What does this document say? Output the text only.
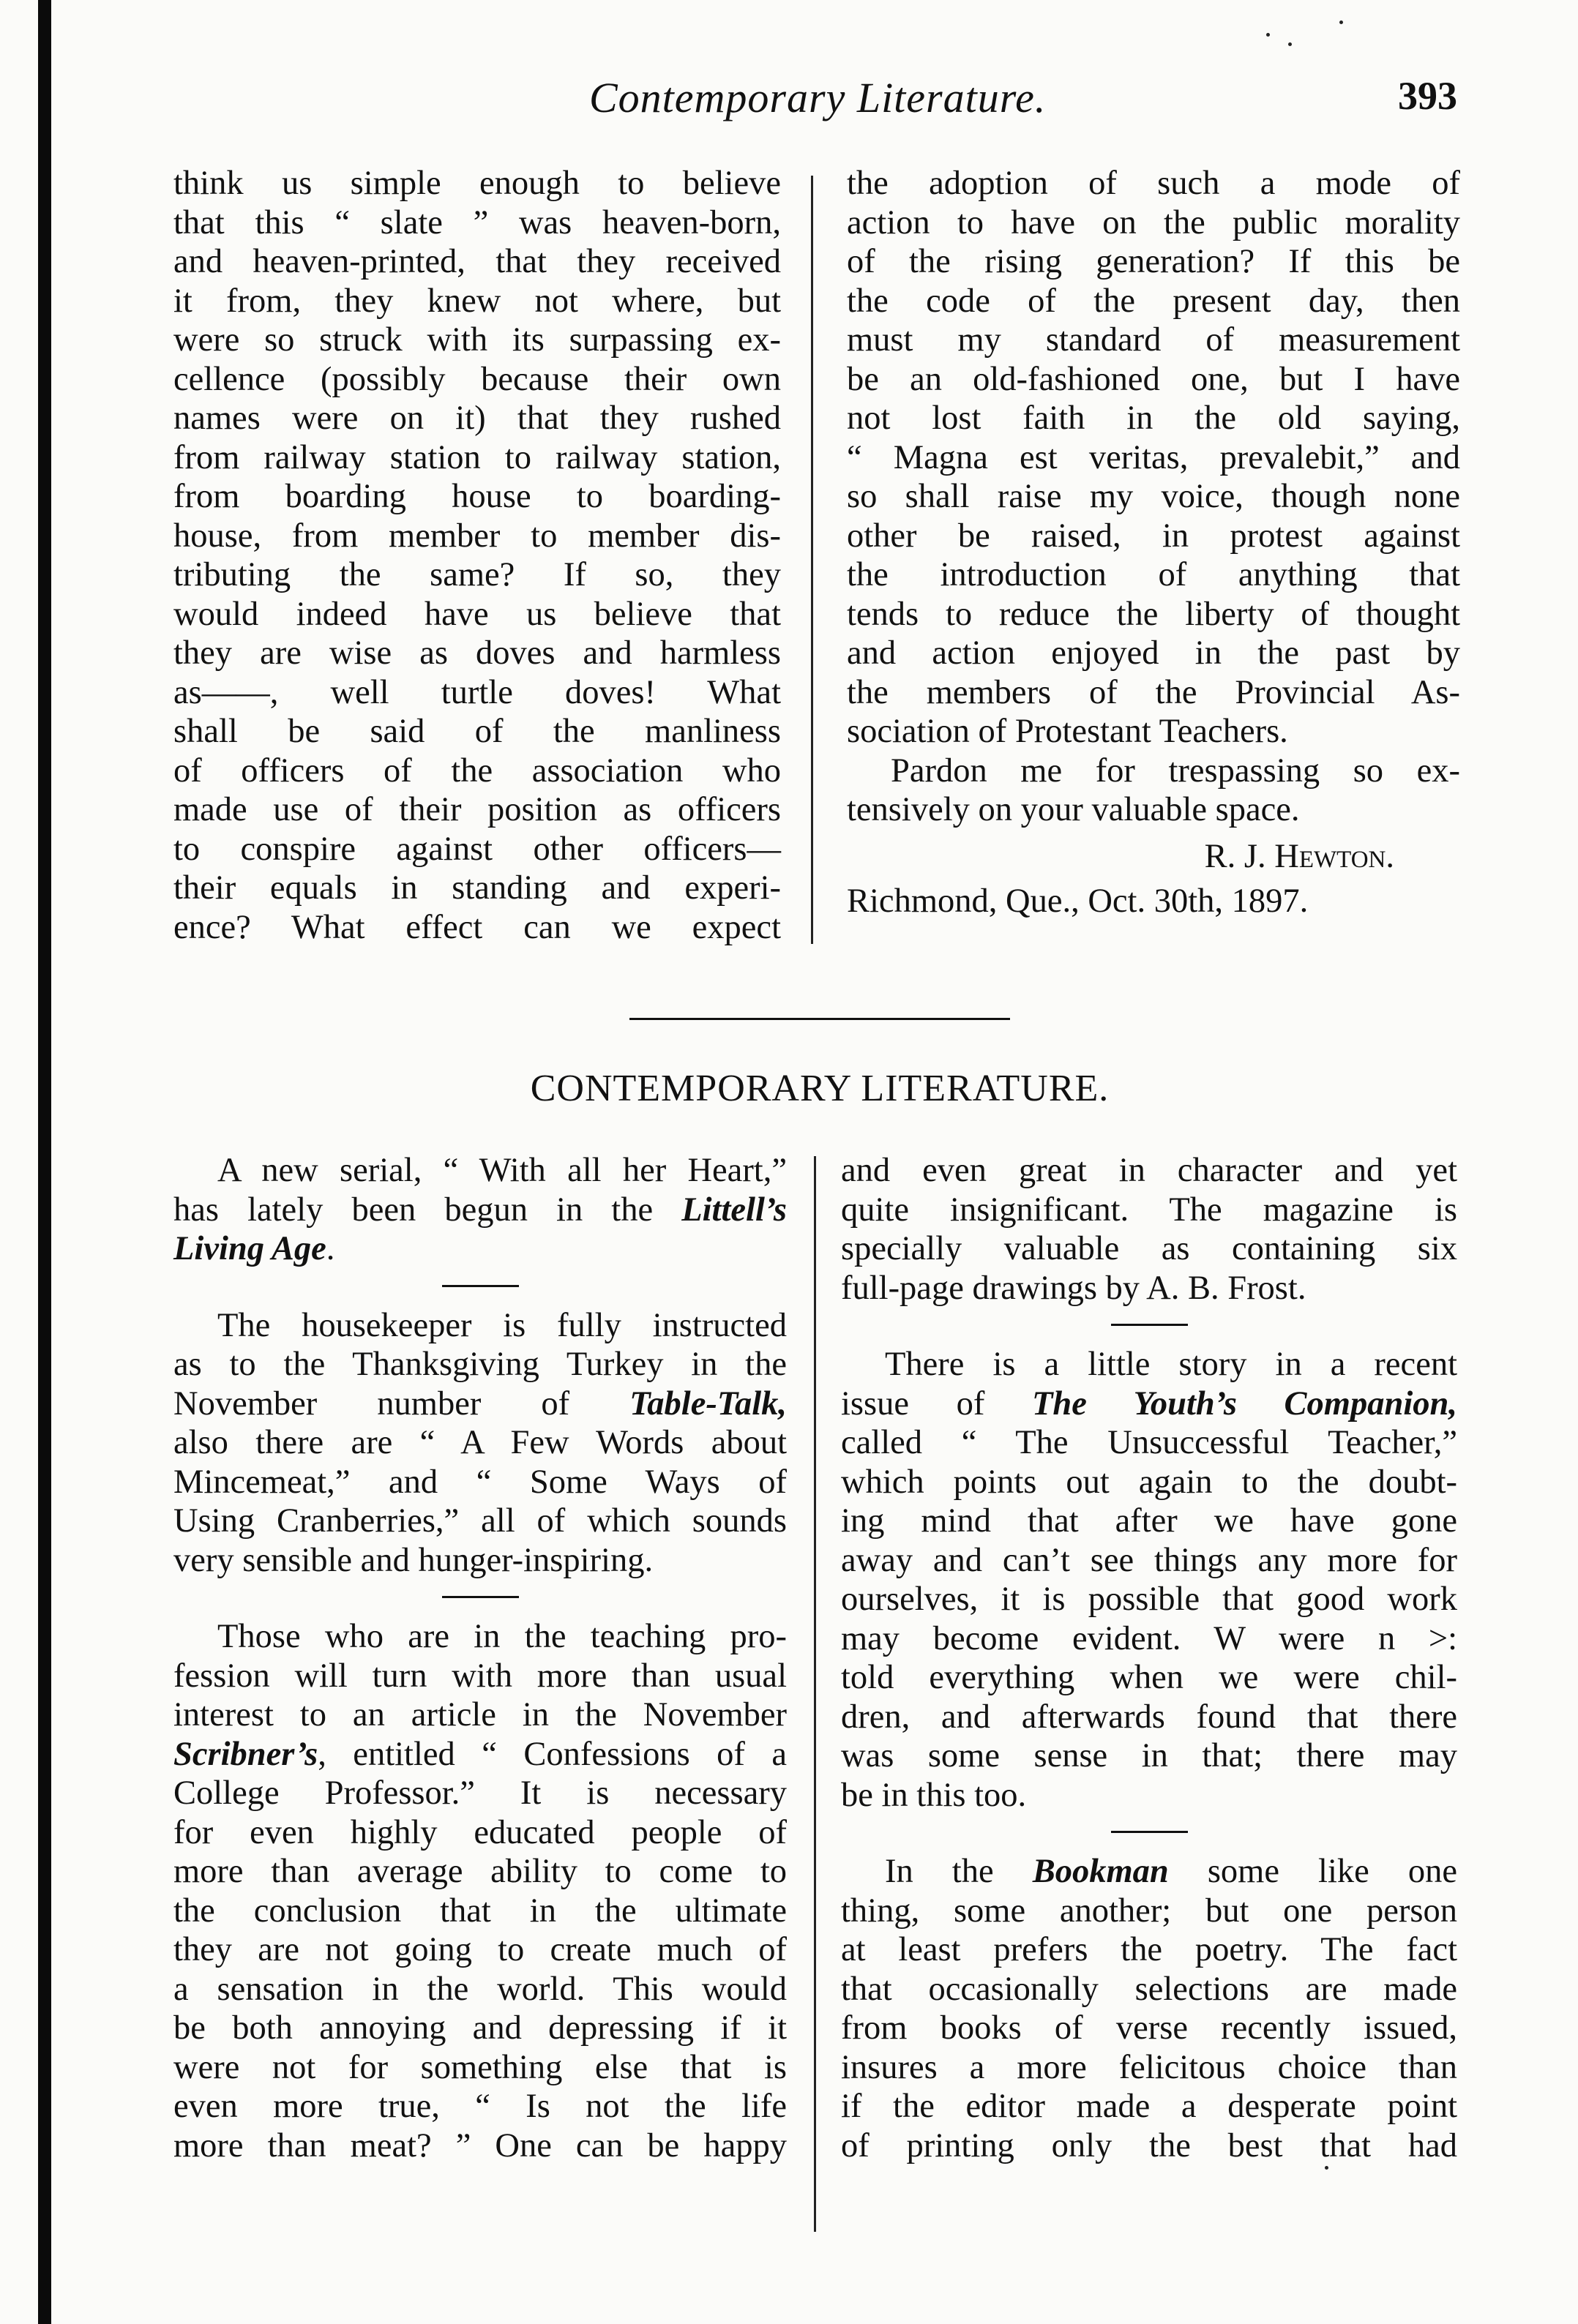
Contemporary Literature.	393
think us simple enough to believe
that this “ slate ” was heaven-born,
and heaven-printed, that they received
it from, they knew not where, but
were so struck with its surpassing ex-
cellence (possibly because their own
names were on it) that they rushed
from railway station to railway station,
from boarding house to boarding-
house, from member to member dis-
tributing the same? If so, they
would indeed have us believe that
they are wise as doves and harmless
as——, well turtle doves! What
shall be said of the manliness
of officers of the association who
made use of their position as officers
to conspire against other officers—
their equals in standing and experi-
ence? What effect can we expect
the adoption of such a mode of
action to have on the public morality
of the rising generation? If this be
the code of the present day, then
must my standard of measurement
be an old-fashioned one, but I have
not lost faith in the old saying,
“ Magna est veritas, prevalebit,” and
so shall raise my voice, though none
other be raised, in protest against
the introduction of anything that
tends to reduce the liberty of thought
and action enjoyed in the past by
the members of the Provincial As-
sociation of Protestant Teachers.
Pardon me for trespassing so ex-
tensively on your valuable space.
R. J. Hewton.
Richmond, Que., Oct. 30th, 1897.
CONTEMPORARY LITERATURE.
A new serial, “ With all her Heart,”
has lately been begun in the Littell’s
Living Age.
The housekeeper is fully instructed
as to the Thanksgiving Turkey in the
November number of Table-Talk,
also there are “ A Few Words about
Mincemeat,” and “ Some Ways of
Using Cranberries,” all of which sounds
very sensible and hunger-inspiring.
Those who are in the teaching pro-
fession will turn with more than usual
interest to an article in the November
Scribner’s, entitled “ Confessions of a
College Professor.” It is necessary
for even highly educated people of
more than average ability to come to
the conclusion that in the ultimate
they are not going to create much of
a sensation in the world. This would
be both annoying and depressing if it
were not for something else that is
even more true, “ Is not the life
more than meat? ” One can be happy
and even great in character and yet
quite insignificant. The magazine is
specially valuable as containing six
full-page drawings by A. B. Frost.
There is a little story in a recent
issue of The Youth’s Companion,
called “ The Unsuccessful Teacher,”
which points out again to the doubt-
ing mind that after we have gone
away and can’t see things any more for
ourselves, it is possible that good work
may become evident. W were n >:
told everything when we were chil-
dren, and afterwards found that there
was some sense in that; there may
be in this too.
In the Bookman some like one
thing, some another; but one person
at least prefers the poetry. The fact
that occasionally selections are made
from books of verse recently issued,
insures a more felicitous choice than
if the editor made a desperate point
of printing only the best that had
